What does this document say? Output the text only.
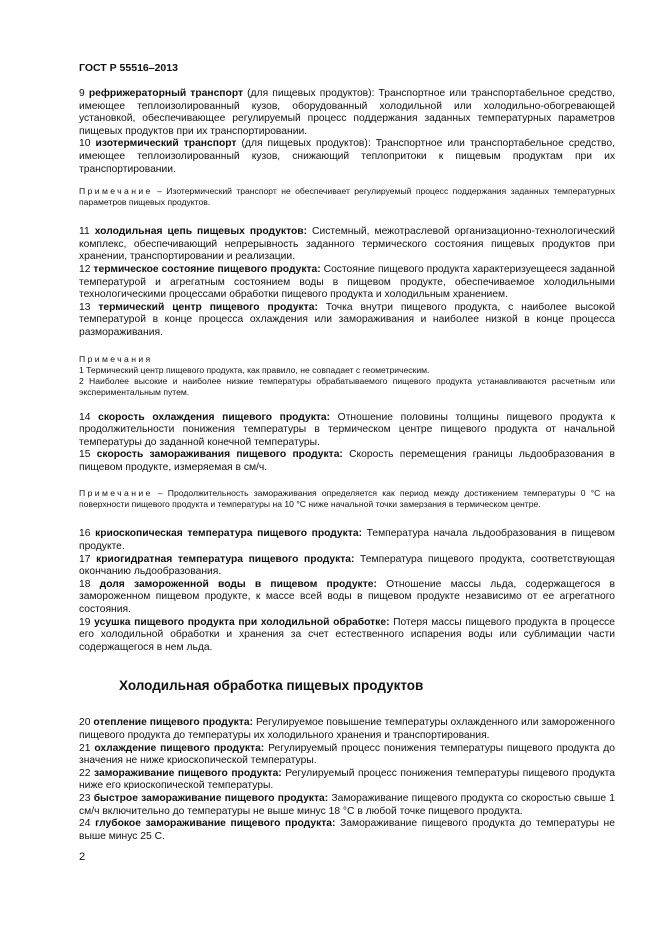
ГОСТ Р 55516–2013

9 рефрижераторный транспорт (для пищевых продуктов): Транспортное или транспортабельное средство, имеющее теплоизолированный кузов, оборудованный холодильной или холодильно-обогревающей установкой, обеспечивающее регулируемый процесс поддержания заданных температурных параметров пищевых продуктов при их транспортировании.

10 изотермический транспорт (для пищевых продуктов): Транспортное или транспортабельное средство, имеющее теплоизолированный кузов, снижающий теплопритоки к пищевым продуктам при их транспортировании.

Примечание – Изотермический транспорт не обеспечивает регулируемый процесс поддержания заданных температурных параметров пищевых продуктов.

11 холодильная цепь пищевых продуктов: Системный, межотраслевой организационно-технологический комплекс, обеспечивающий непрерывность заданного термического состояния пищевых продуктов при хранении, транспортировании и реализации.

12 термическое состояние пищевого продукта: Состояние пищевого продукта характеризуещееся заданной температурой и агрегатным состоянием воды в пищевом продукте, обеспечиваемое холодильными технологическими процессами обработки пищевого продукта и холодильным хранением.

13 термический центр пищевого продукта: Точка внутри пищевого продукта, с наиболее высокой температурой в конце процесса охлаждения или замораживания и наиболее низкой в конце процесса размораживания.

Примечания

1 Термический центр пищевого продукта, как правило, не совпадает с геометрическим.

2 Наиболее высокие и наиболее низкие температуры обрабатываемого пищевого продукта устанавливаются расчетным или экспериментальным путем.

14 скорость охлаждения пищевого продукта: Отношение половины толщины пищевого продукта к продолжительности понижения температуры в термическом центре пищевого продукта от начальной температуры до заданной конечной температуры.

15 скорость замораживания пищевого продукта: Скорость перемещения границы льдообразования в пищевом продукте, измеряемая в см/ч.

Примечание – Продолжительность замораживания определяется как период между достижением температуры 0 °С на поверхности пищевого продукта и температуры на 10 °С ниже начальной точки замерзания в термическом центре.

16 криоскопическая температура пищевого продукта: Температура начала льдообразования в пищевом продукте.

17 криогидратная температура пищевого продукта: Температура пищевого продукта, соответствующая окончанию льдообразования.

18 доля замороженной воды в пищевом продукте: Отношение массы льда, содержащегося в замороженном пищевом продукте, к массе всей воды в пищевом продукте независимо от ее агрегатного состояния.

19 усушка пищевого продукта при холодильной обработке: Потеря массы пищевого продукта в процессе его холодильной обработки и хранения за счет естественного испарения воды или сублимации части содержащегося в нем льда.

Холодильная обработка пищевых продуктов

20 отепление пищевого продукта: Регулируемое повышение температуры охлажденного или замороженного пищевого продукта до температуры их холодильного хранения и транспортирования.

21 охлаждение пищевого продукта: Регулируемый процесс понижения температуры пищевого продукта до значения не ниже криоскопической температуры.

22 замораживание пищевого продукта: Регулируемый процесс понижения температуры пищевого продукта ниже его криоскопической температуры.

23 быстрое замораживание пищевого продукта: Замораживание пищевого продукта со скоростью свыше 1 см/ч включительно до температуры не выше минус 18 °С в любой точке пищевого продукта.

24 глубокое замораживание пищевого продукта: Замораживание пищевого продукта до температуры не выше минус 25 С.

2
